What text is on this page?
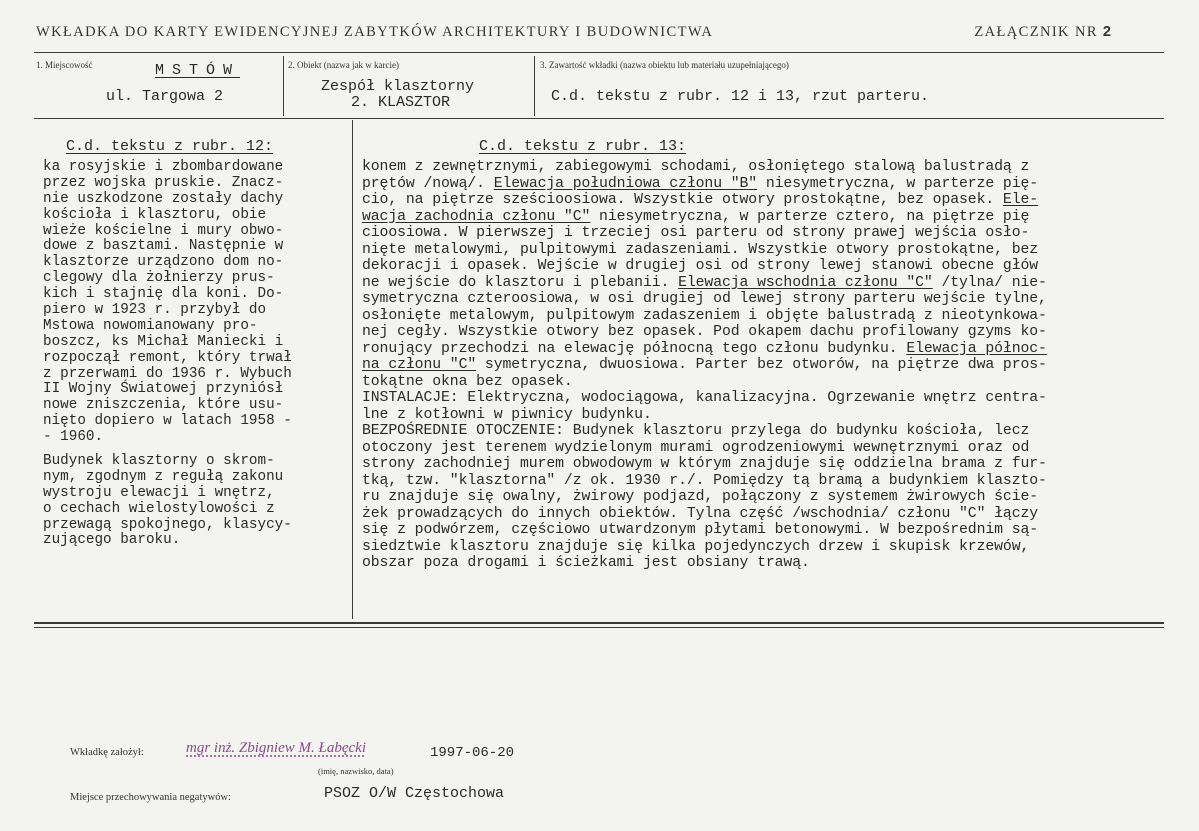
WKŁADKA DO KARTY EWIDENCYJNEJ ZABYTKÓW ARCHITEKTURY I BUDOWNICTWA	ZAŁĄCZNIK NR 2
1. Miejscowość	MSTÓW
ul. Targowa 2
2. Obiekt (nazwa jak w karcie)
Zespół klasztorny
2. KLASZTOR
3. Zawartość wkładki (nazwa obiektu lub materiału uzupełniającego)
C.d. tekstu z rubr. 12 i 13, rzut parteru.
C.d. tekstu z rubr. 12:
ka rosyjskie i zbombardowane
przez wojska pruskie. Znacz-
nie uszkodzone zostały dachy
kościoła i klasztoru, obie
wieże kościelne i mury obwo-
dowe z basztami. Następnie w
klasztorze urządzono dom no-
clegowy dla żołnierzy prus-
kich i stajnię dla koni. Do-
piero w 1923 r. przybył do
Mstowa nowomianowany pro-
boszcz, ks Michał Maniecki i
rozpoczął remont, który trwał
z przerwami do 1936 r. Wybuch
II Wojny Światowej przyniósł
nowe zniszczenia, które usu-
nięto dopiero w latach 1958 -
- 1960.
Budynek klasztorny o skrom-
nym, zgodnym z regułą zakonu
wystroju elewacji i wnętrz,
o cechach wielostylowości z
przewagą spokojnego, klasycy-
zującego baroku.
C.d. tekstu z rubr. 13:
konem z zewnętrznymi, zabiegowymi schodami, osłoniętego stalową balustradą z
prętów /nową/. Elewacja południowa członu "B" niesymetryczna, w parterze pię-
cio, na piętrze sześcioosiowa. Wszystkie otwory prostokątne, bez opasek. Ele-
wacja zachodnia członu "C" niesymetryczna, w parterze cztero, na piętrze pię
cioosiowa. W pierwszej i trzeciej osi parteru od strony prawej wejścia osło-
nięte metalowymi, pulpitowymi zadaszeniami. Wszystkie otwory prostokątne, bez
dekoracji i opasek. Wejście w drugiej osi od strony lewej stanowi obecne głów
ne wejście do klasztoru i plebanii. Elewacja wschodnia członu "C" /tylna/ nie-
symetryczna czteroosiowa, w osi drugiej od lewej strony parteru wejście tylne,
osłonięte metalowym, pulpitowym zadaszeniem i objęte balustradą z nieotynkowa-
nej cegły. Wszystkie otwory bez opasek. Pod okapem dachu profilowany gzyms ko-
ronujący przechodzi na elewację północną tego członu budynku. Elewacja północ-
na członu "C" symetryczna, dwuosiowa. Parter bez otworów, na piętrze dwa pros-
tokątne okna bez opasek.
INSTALACJE: Elektryczna, wodociągowa, kanalizacyjna. Ogrzewanie wnętrz centra-
lne z kotłowni w piwnicy budynku.
BEZPOŚREDNIE OTOCZENIE: Budynek klasztoru przylega do budynku kościoła, lecz
otoczony jest terenem wydzielonym murami ogrodzeniowymi wewnętrznymi oraz od
strony zachodniej murem obwodowym w którym znajduje się oddzielna brama z fur-
tką, tzw. "klasztorna" /z ok. 1930 r./. Pomiędzy tą bramą a budynkiem klaszto-
ru znajduje się owalny, żwirowy podjazd, połączony z systemem żwirowych ście-
żek prowadzących do innych obiektów. Tylna część /wschodnia/ członu "C" łączy
się z podwórzem, częściowo utwardzonym płytami betonowymi. W bezpośrednim są-
siedztwie klasztoru znajduje się kilka pojedynczych drzew i skupisk krzewów,
obszar poza drogami i ścieżkami jest obsiany trawą.
Wkładkę założył:	mgr inż. Zbigniew M. Łabęcki	1997-06-20
(imię, nazwisko, data)
Miejsce przechowywania negatywów:	PSOZ O/W Częstochowa
